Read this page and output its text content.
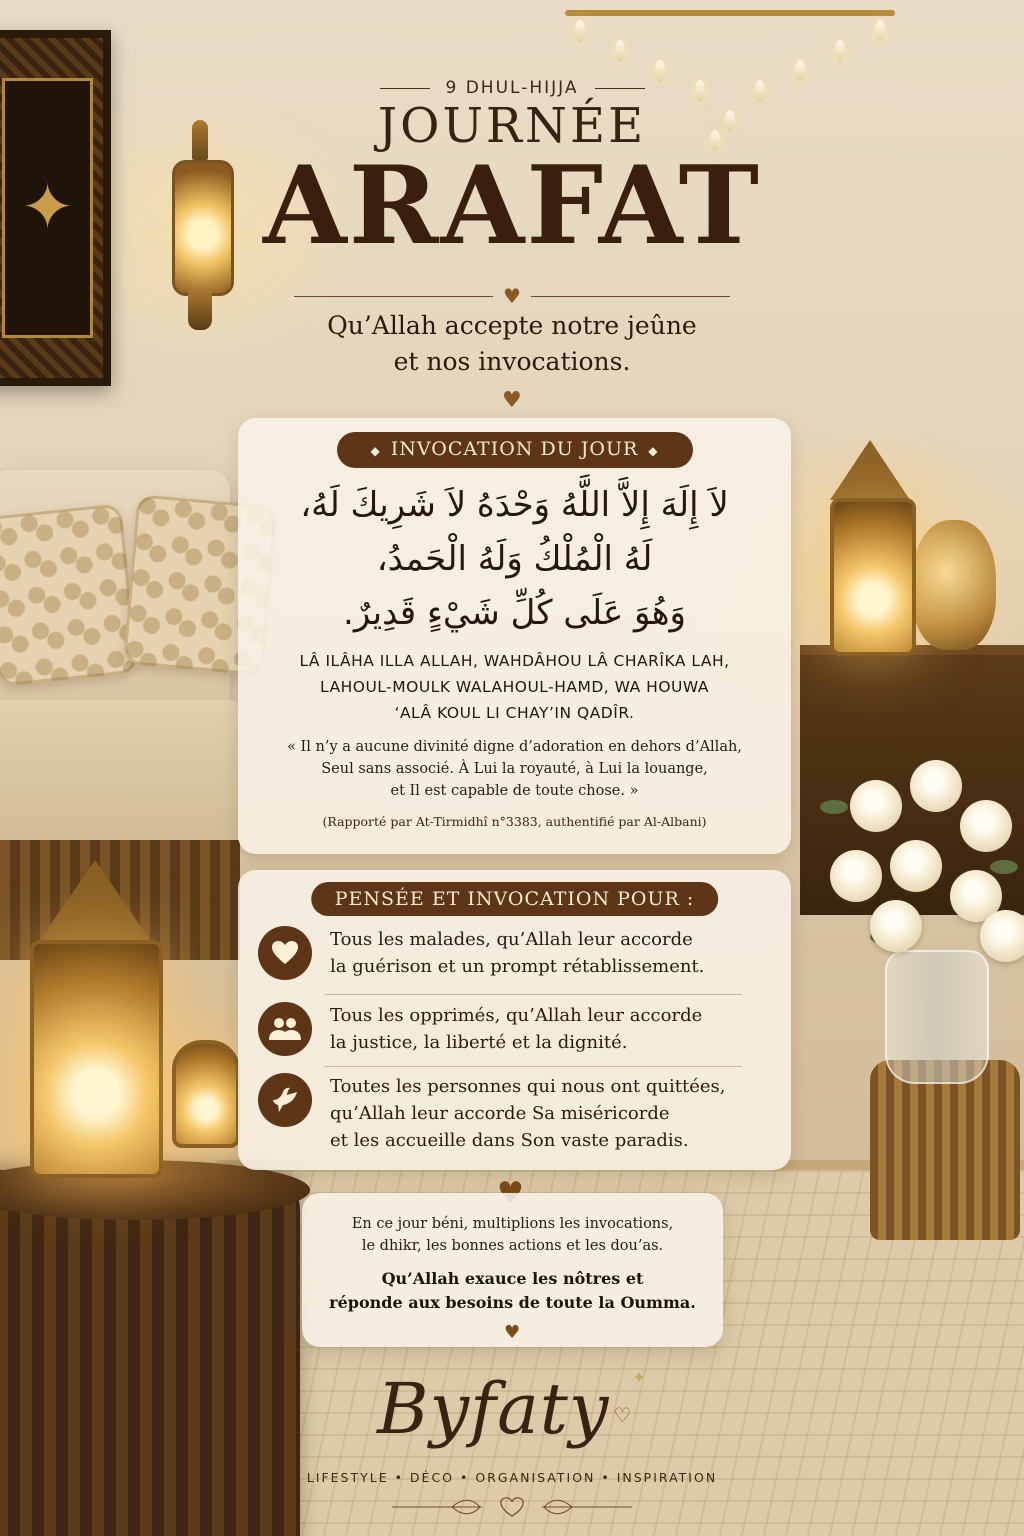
✦
9 DHUL-HIJJA
JOURNÉE
ARAFAT
♥
Qu’Allah accepte notre jeûne
et nos invocations.
♥
◆ INVOCATION DU JOUR ◆
لاَ إِلَهَ إِلاَّ اللَّهُ وَحْدَهُ لاَ شَرِيكَ لَهُ،
لَهُ الْمُلْكُ وَلَهُ الْحَمدُ،
وَهُوَ عَلَى كُلِّ شَيْءٍ قَدِيرٌ.
LÂ ILÂHA ILLA ALLAH, WAHDÂHOU LÂ CHARÎKA LAH,
LAHOUL-MOULK WALAHOUL-HAMD, WA HOUWA
‘ALÂ KOUL LI CHAY’IN QADÎR.
« Il n’y a aucune divinité digne d’adoration en dehors d’Allah,
Seul sans associé. À Lui la royauté, à Lui la louange,
et Il est capable de toute chose. »
(Rapporté par At-Tirmidhî n°3383, authentifié par Al-Albani)
PENSÉE ET INVOCATION POUR :
Tous les malades, qu’Allah leur accorde
la guérison et un prompt rétablissement.
Tous les opprimés, qu’Allah leur accorde
la justice, la liberté et la dignité.
Toutes les personnes qui nous ont quittées,
qu’Allah leur accorde Sa miséricorde
et les accueille dans Son vaste paradis.
En ce jour béni, multiplions les invocations,
le dhikr, les bonnes actions et les dou’as.
Qu’Allah exauce les nôtres et
réponde aux besoins de toute la Oumma.
♥
Byfaty ♡✦
LIFESTYLE • DÉCO • ORGANISATION • INSPIRATION
